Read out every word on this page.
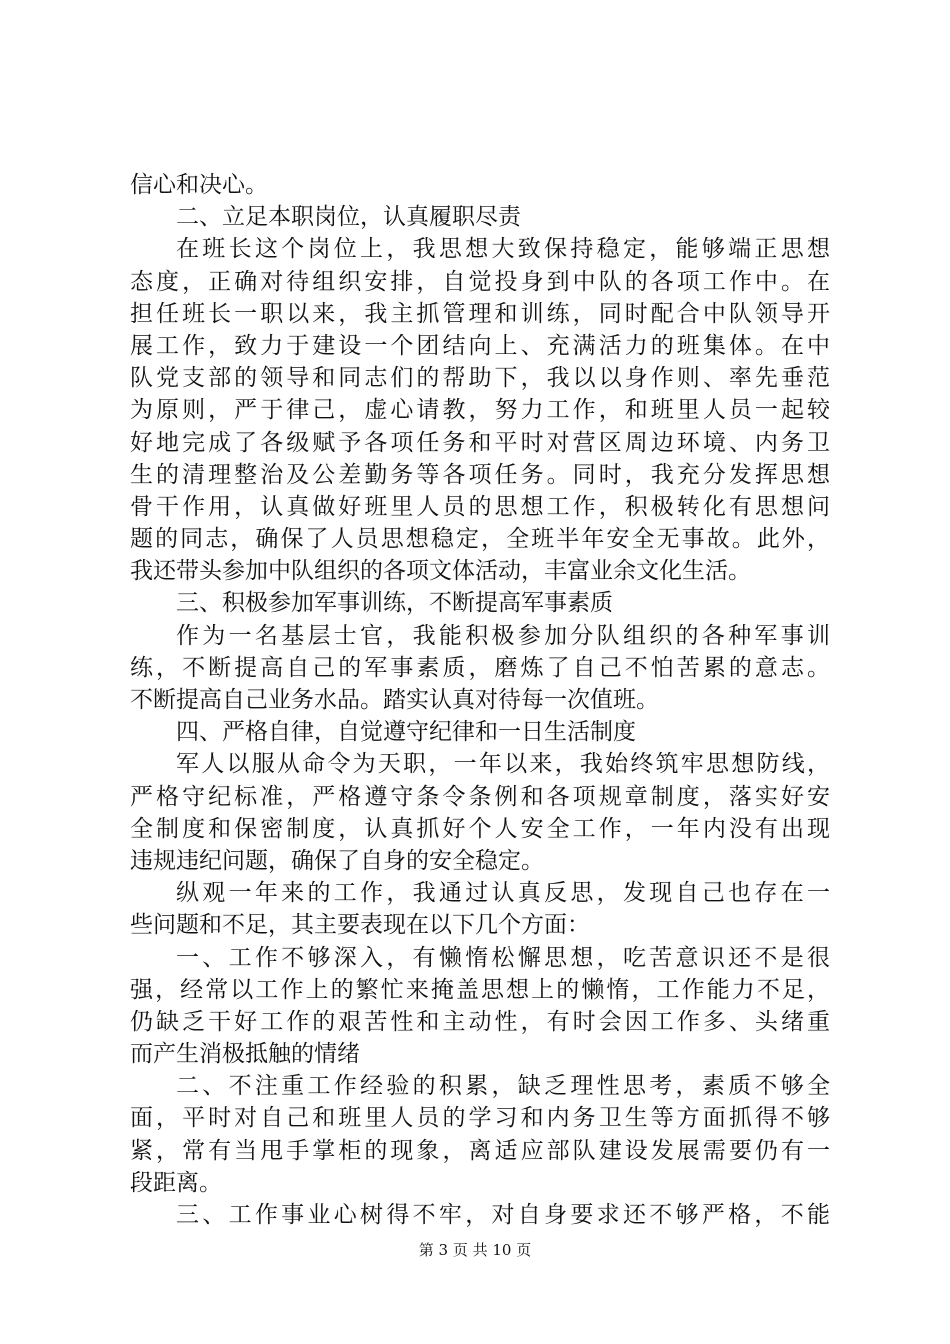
信心和决心。
二、立足本职岗位，认真履职尽责
在班长这个岗位上，我思想大致保持稳定，能够端正思想
态度，正确对待组织安排，自觉投身到中队的各项工作中。在
担任班长一职以来，我主抓管理和训练，同时配合中队领导开
展工作，致力于建设一个团结向上、充满活力的班集体。在中
队党支部的领导和同志们的帮助下，我以以身作则、率先垂范
为原则，严于律己，虚心请教，努力工作，和班里人员一起较
好地完成了各级赋予各项任务和平时对营区周边环境、内务卫
生的清理整治及公差勤务等各项任务。同时，我充分发挥思想
骨干作用，认真做好班里人员的思想工作，积极转化有思想问
题的同志，确保了人员思想稳定，全班半年安全无事故。此外，
我还带头参加中队组织的各项文体活动，丰富业余文化生活。
三、积极参加军事训练，不断提高军事素质
作为一名基层士官，我能积极参加分队组织的各种军事训
练，不断提高自己的军事素质，磨炼了自己不怕苦累的意志。
不断提高自己业务水品。踏实认真对待每一次值班。
四、严格自律，自觉遵守纪律和一日生活制度
军人以服从命令为天职，一年以来，我始终筑牢思想防线，
严格守纪标准，严格遵守条令条例和各项规章制度，落实好安
全制度和保密制度，认真抓好个人安全工作，一年内没有出现
违规违纪问题，确保了自身的安全稳定。
纵观一年来的工作，我通过认真反思，发现自己也存在一
些问题和不足，其主要表现在以下几个方面：
一、工作不够深入，有懒惰松懈思想，吃苦意识还不是很
强，经常以工作上的繁忙来掩盖思想上的懒惰，工作能力不足，
仍缺乏干好工作的艰苦性和主动性，有时会因工作多、头绪重
而产生消极抵触的情绪
二、不注重工作经验的积累，缺乏理性思考，素质不够全
面，平时对自己和班里人员的学习和内务卫生等方面抓得不够
紧，常有当甩手掌柜的现象，离适应部队建设发展需要仍有一
段距离。
三、工作事业心树得不牢，对自身要求还不够严格，不能
第 3 页 共 10 页
